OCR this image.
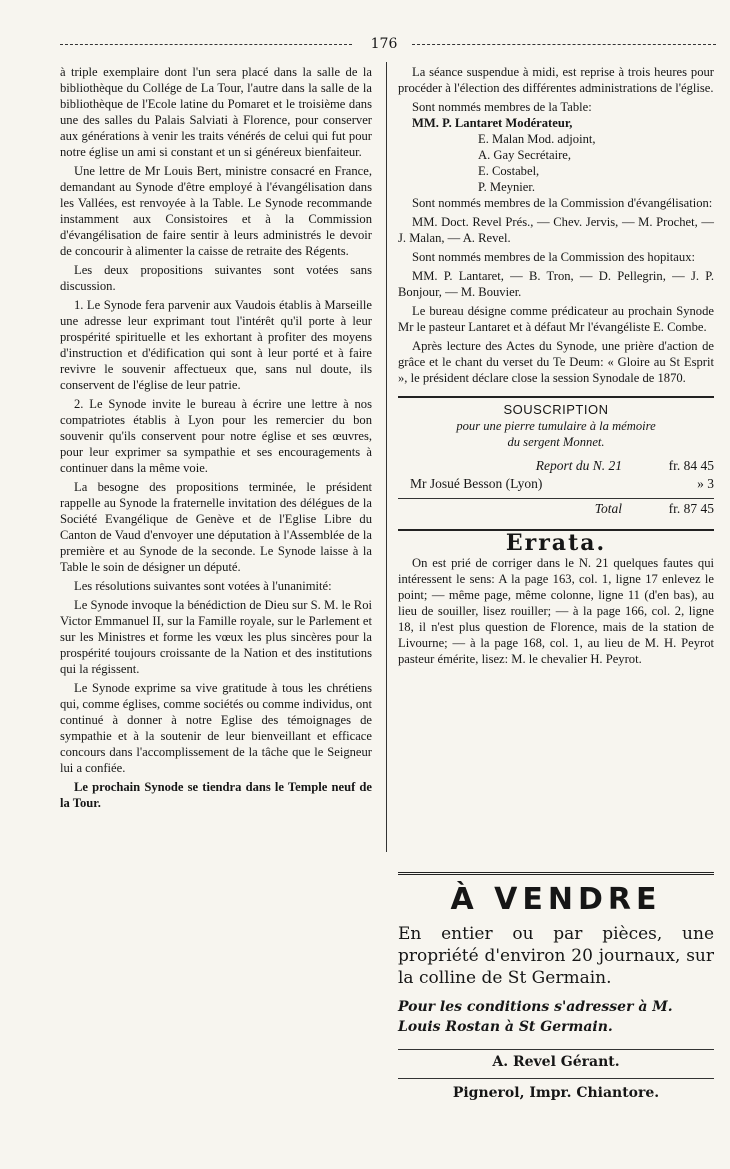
176

à triple exemplaire dont l'un sera placé dans la salle de la bibliothèque du Collége de La Tour, l'autre dans la salle de la bibliothèque de l'Ecole latine du Pomaret et le troisième dans une des salles du Palais Salviati à Florence, pour conserver aux générations à venir les traits vénérés de celui qui fut pour notre église un ami si constant et un si généreux bienfaiteur.

Une lettre de Mr Louis Bert, ministre consacré en France, demandant au Synode d'être employé à l'évangélisation dans les Vallées, est renvoyée à la Table. Le Synode recommande instamment aux Consistoires et à la Commission d'évangélisation de faire sentir à leurs administrés le devoir de concourir à alimenter la caisse de retraite des Régents.

Les deux propositions suivantes sont votées sans discussion.

1. Le Synode fera parvenir aux Vaudois établis à Marseille une adresse leur exprimant tout l'intérêt qu'il porte à leur prospérité spirituelle et les exhortant à profiter des moyens d'instruction et d'édification qui sont à leur porté et à faire revivre le souvenir affectueux que, sans nul doute, ils conservent de l'église de leur patrie.

2. Le Synode invite le bureau à écrire une lettre à nos compatriotes établis à Lyon pour les remercier du bon souvenir qu'ils conservent pour notre église et ses œuvres, pour leur exprimer sa sympathie et ses encouragements à continuer dans la même voie.

La besogne des propositions terminée, le président rappelle au Synode la fraternelle invitation des délégues de la Société Evangélique de Genève et de l'Eglise Libre du Canton de Vaud d'envoyer une députation à l'Assemblée de la première et au Synode de la seconde. Le Synode laisse à la Table le soin de désigner un député.

Les résolutions suivantes sont votées à l'unanimité:

Le Synode invoque la bénédiction de Dieu sur S. M. le Roi Victor Emmanuel II, sur la Famille royale, sur le Parlement et sur les Ministres et forme les vœux les plus sincères pour la prospérité toujours croissante de la Nation et des institutions qui la régissent.

Le Synode exprime sa vive gratitude à tous les chrétiens qui, comme églises, comme sociétés ou comme individus, ont continué à donner à notre Eglise des témoignages de sympathie et à la soutenir de leur bienveillant et efficace concours dans l'accomplissement de la tâche que le Seigneur lui a confiée.

Le prochain Synode se tiendra dans le Temple neuf de la Tour.

La séance suspendue à midi, est reprise à trois heures pour procéder à l'élection des différentes administrations de l'église.

Sont nommés membres de la Table:
MM. P. Lantaret Modérateur,
E. Malan Mod. adjoint,
A. Gay Secrétaire,
E. Costabel,
P. Meynier.

Sont nommés membres de la Commission d'évangélisation:

MM. Doct. Revel Prés., — Chev. Jervis, — M. Prochet, — J. Malan, — A. Revel.

Sont nommés membres de la Commission des hopitaux:

MM. P. Lantaret, — B. Tron, — D. Pellegrin, — J. P. Bonjour, — M. Bouvier.

Le bureau désigne comme prédicateur au prochain Synode Mr le pasteur Lantaret et à défaut Mr l'évangéliste E. Combe.

Après lecture des Actes du Synode, une prière d'action de grâce et le chant du verset du Te Deum: « Gloire au St Esprit », le président déclare close la session Synodale de 1870.

SOUSCRIPTION
pour une pierre tumulaire à la mémoire
du sergent Monnet.
Report du N. 21	fr. 84 45
Mr Josué Besson (Lyon)	» 3
Total	fr. 87 45
Errata.

On est prié de corriger dans le N. 21 quelques fautes qui intéressent le sens: A la page 163, col. 1, ligne 17 enlevez le point; — même page, même colonne, ligne 11 (d'en bas), au lieu de souiller, lisez rouiller; — à la page 166, col. 2, ligne 18, il n'est plus question de Florence, mais de la station de Livourne; — à la page 168, col. 1, au lieu de M. H. Peyrot pasteur émérite, lisez: M. le chevalier H. Peyrot.

À VENDRE
En entier ou par pièces, une propriété d'environ 20 journaux, sur la colline de St Germain.
Pour les conditions s'adresser à M. Louis Rostan à St Germain.
A. Revel Gérant.
Pignerol, Impr. Chiantore.
